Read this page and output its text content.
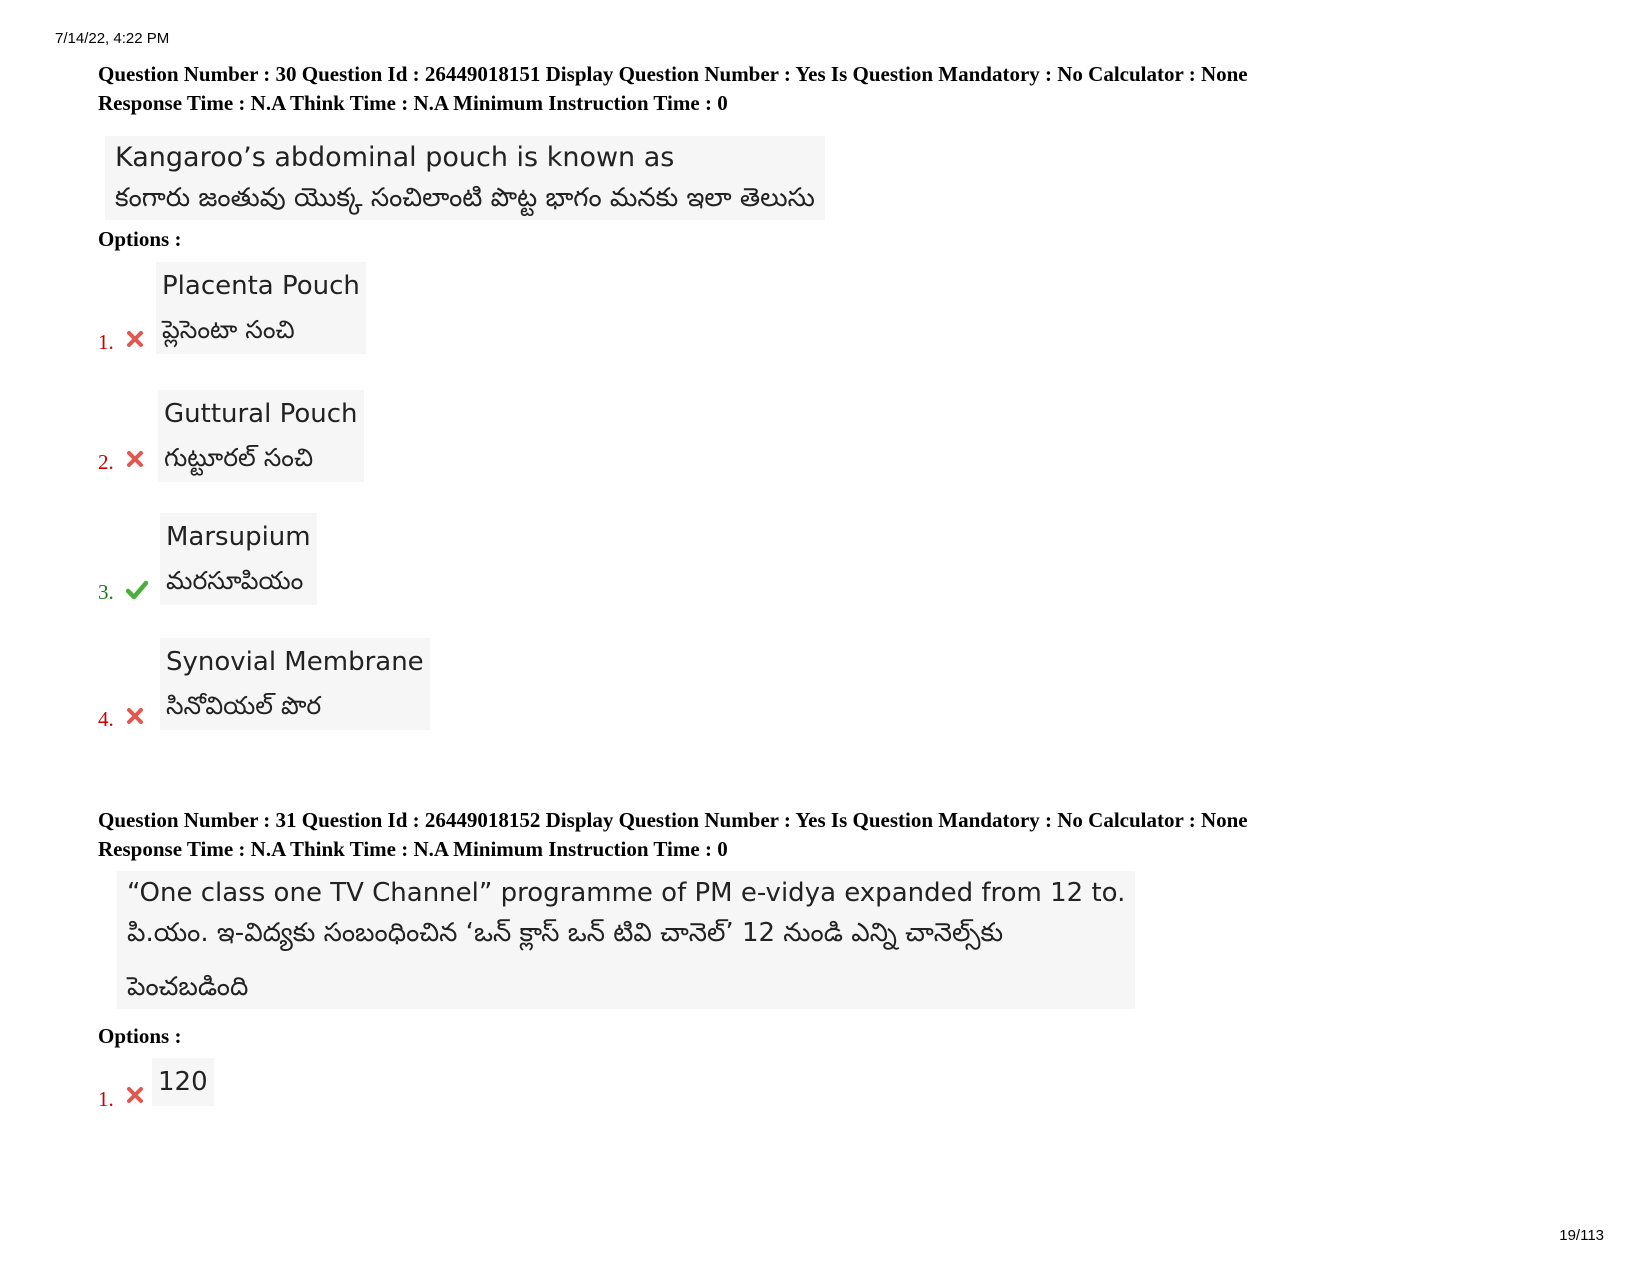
7/14/22, 4:22 PM
Question Number : 30 Question Id : 26449018151 Display Question Number : Yes Is Question Mandatory : No Calculator : None
Response Time : N.A Think Time : N.A Minimum Instruction Time : 0
Kangaroo’s abdominal pouch is known as
కంగారు జంతువు యొక్క సంచిలాంటి పొట్ట భాగం మనకు ఇలా తెలుసు
Options :
Placenta Pouch
ప్లెసెంటా సంచి
1.
Guttural Pouch
గుట్టూరల్ సంచి
2.
Marsupium
మరసూపియం
3.
Synovial Membrane
సినోవియల్ పొర
4.
Question Number : 31 Question Id : 26449018152 Display Question Number : Yes Is Question Mandatory : No Calculator : None
Response Time : N.A Think Time : N.A Minimum Instruction Time : 0
“One class one TV Channel” programme of PM e-vidya expanded from 12 to.
పి.యం. ఇ-విద్యకు సంబంధించిన ‘ఒన్ క్లాస్ ఒన్ టివి చానెల్’ 12 నుండి ఎన్ని చానెల్స్‌కు
పెంచబడింది
Options :
120
1.
19/113
